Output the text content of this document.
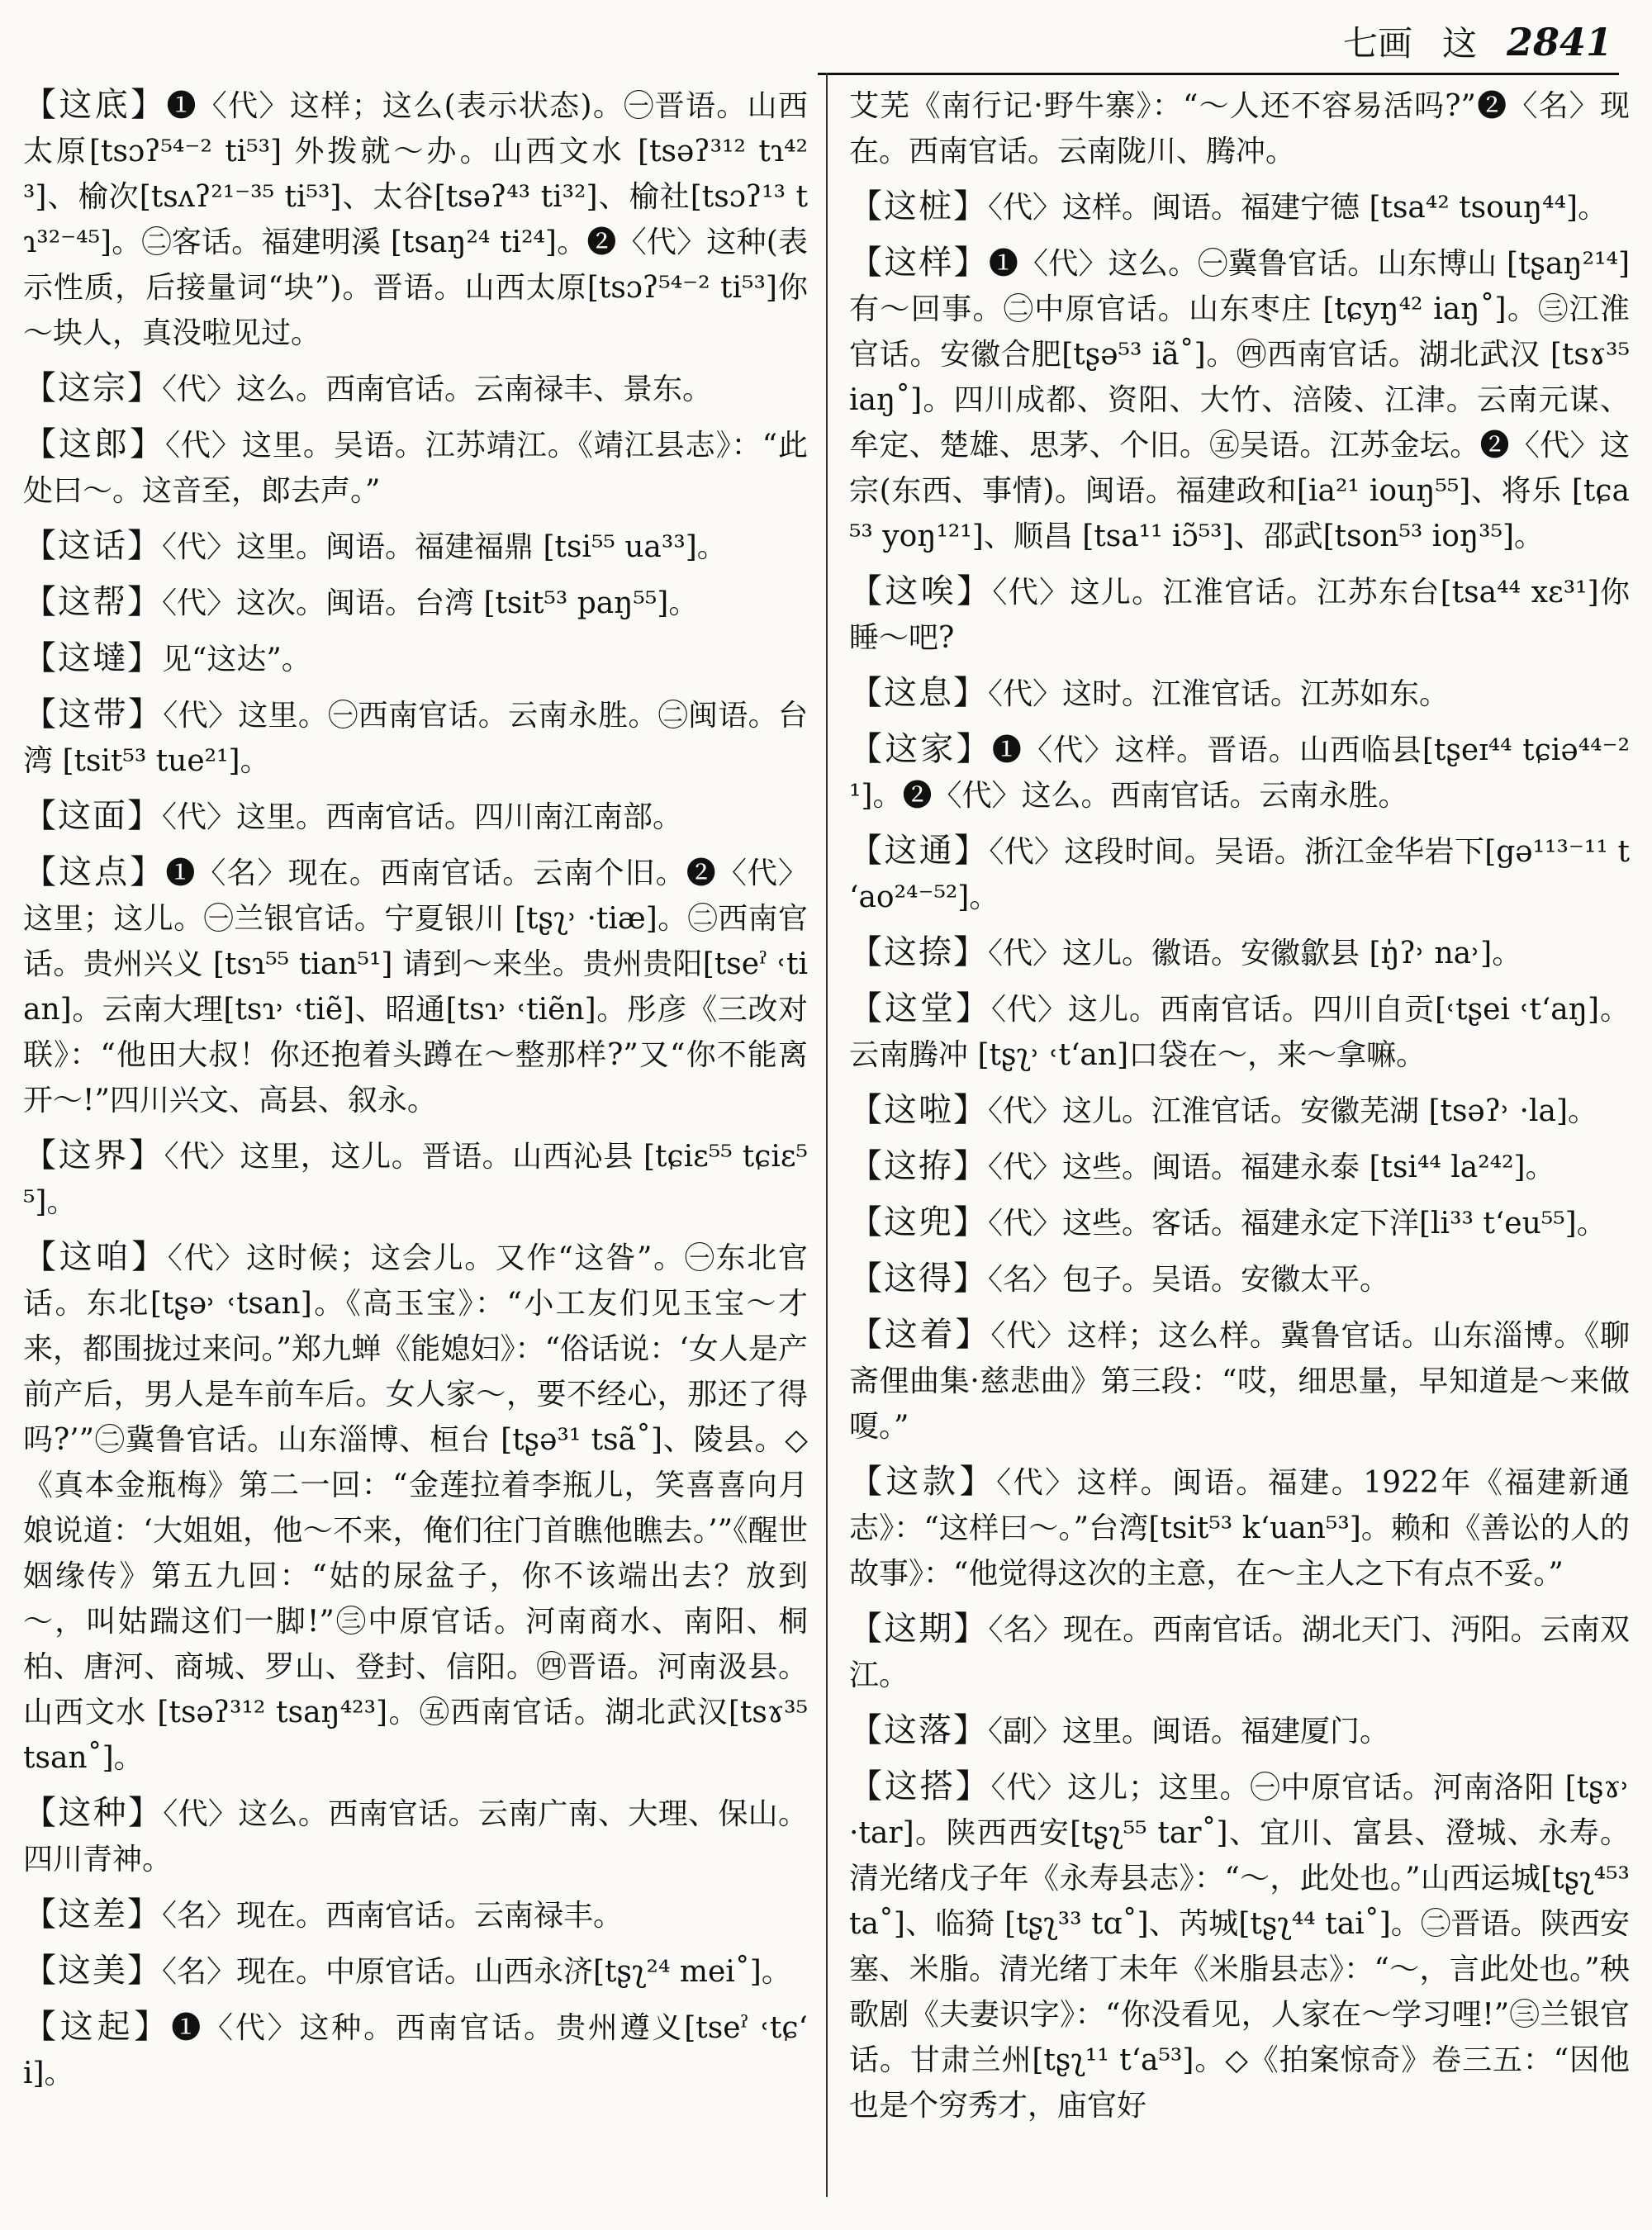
七画 这 2841

【这底】❶〈代〉这样；这么(表示状态)。㊀晋语。山西太原[tsɔʔ⁵⁴⁻² ti⁵³] 外拨就～办。山西文水 [tsəʔ³¹² tɿ⁴²³]、榆次[tsʌʔ²¹⁻³⁵ ti⁵³]、太谷[tsəʔ⁴³ ti³²]、榆社[tsɔʔ¹³ tɿ³²⁻⁴⁵]。㊁客话。福建明溪 [tsaŋ²⁴ ti²⁴]。❷〈代〉这种(表示性质，后接量词“块”)。晋语。山西太原[tsɔʔ⁵⁴⁻² ti⁵³]你～块人，真没啦见过。

【这宗】〈代〉这么。西南官话。云南禄丰、景东。

【这郎】〈代〉这里。吴语。江苏靖江。《靖江县志》：“此处曰～。这音至，郎去声。”

【这话】〈代〉这里。闽语。福建福鼎 [tsi⁵⁵ ua³³]。

【这帮】〈代〉这次。闽语。台湾 [tsit⁵³ paŋ⁵⁵]。

【这墶】见“这达”。

【这带】〈代〉这里。㊀西南官话。云南永胜。㊁闽语。台湾 [tsit⁵³ tue²¹]。

【这面】〈代〉这里。西南官话。四川南江南部。

【这点】❶〈名〉现在。西南官话。云南个旧。❷〈代〉这里；这儿。㊀兰银官话。宁夏银川 [tʂʅ˒ ·tiæ]。㊁西南官话。贵州兴义 [tsɿ⁵⁵ tian⁵¹] 请到～来坐。贵州贵阳[tseˀ ˓tian]。云南大理[tsɿ˒ ˓tiẽ]、昭通[tsɿ˒ ˓tiẽn]。彤彦《三改对联》：“他田大叔！你还抱着头蹲在～整那样?”又“你不能离开～!”四川兴文、高县、叙永。

【这界】〈代〉这里，这儿。晋语。山西沁县 [tɕiɛ⁵⁵ tɕiɛ⁵⁵]。

【这咱】〈代〉这时候；这会儿。又作“这昝”。㊀东北官话。东北[tʂə˒ ˓tsan]。《高玉宝》：“小工友们见玉宝～才来，都围拢过来问。”郑九蝉《能媳妇》：“俗话说：‘女人是产前产后，男人是车前车后。女人家～，要不经心，那还了得吗?’”㊁冀鲁官话。山东淄博、桓台 [tʂə³¹ tsã˚]、陵县。◇《真本金瓶梅》第二一回：“金莲拉着李瓶儿，笑喜喜向月娘说道：‘大姐姐，他～不来，俺们往门首瞧他瞧去。’”《醒世姻缘传》第五九回：“姑的尿盆子，你不该端出去？放到～，叫姑踹这们一脚!”㊂中原官话。河南商水、南阳、桐柏、唐河、商城、罗山、登封、信阳。㊃晋语。河南汲县。山西文水 [tsəʔ³¹² tsaŋ⁴²³]。㊄西南官话。湖北武汉[tsɤ³⁵ tsan˚]。

【这种】〈代〉这么。西南官话。云南广南、大理、保山。四川青神。

【这差】〈名〉现在。西南官话。云南禄丰。

【这美】〈名〉现在。中原官话。山西永济[tʂʅ²⁴ mei˚]。

【这起】❶〈代〉这种。西南官话。贵州遵义[tseˀ ˓tɕʻi]。

艾芜《南行记·野牛寨》：“～人还不容易活吗?”❷〈名〉现在。西南官话。云南陇川、腾冲。

【这桩】〈代〉这样。闽语。福建宁德 [tsa⁴² tsouŋ⁴⁴]。

【这样】❶〈代〉这么。㊀冀鲁官话。山东博山 [tʂaŋ²¹⁴] 有～回事。㊁中原官话。山东枣庄 [tɕyŋ⁴² iaŋ˚]。㊂江淮官话。安徽合肥[tʂə⁵³ iã˚]。㊃西南官话。湖北武汉 [tsɤ³⁵ iaŋ˚]。四川成都、资阳、大竹、涪陵、江津。云南元谋、牟定、楚雄、思茅、个旧。㊄吴语。江苏金坛。❷〈代〉这宗(东西、事情)。闽语。福建政和[ia²¹ iouŋ⁵⁵]、将乐 [tɕa⁵³ yoŋ¹²¹]、顺昌 [tsa¹¹ iɔ̃⁵³]、邵武[tson⁵³ ioŋ³⁵]。

【这唉】〈代〉这儿。江淮官话。江苏东台[tsa⁴⁴ xɛ³¹]你睡～吧?

【这息】〈代〉这时。江淮官话。江苏如东。

【这家】❶〈代〉这样。晋语。山西临县[tʂeɪ⁴⁴ tɕiə⁴⁴⁻²¹]。❷〈代〉这么。西南官话。云南永胜。

【这通】〈代〉这段时间。吴语。浙江金华岩下[gə¹¹³⁻¹¹ tʻao²⁴⁻⁵²]。

【这捺】〈代〉这儿。徽语。安徽歙县 [ŋ̍ʔ˒ na˒]。

【这堂】〈代〉这儿。西南官话。四川自贡[˓tʂei ˓tʻaŋ]。云南腾冲 [tʂʅ˒ ˓tʻan]口袋在～，来～拿嘛。

【这啦】〈代〉这儿。江淮官话。安徽芜湖 [tsəʔ˒ ·la]。

【这拵】〈代〉这些。闽语。福建永泰 [tsi⁴⁴ la²⁴²]。

【这兜】〈代〉这些。客话。福建永定下洋[li³³ tʻeu⁵⁵]。

【这得】〈名〉包子。吴语。安徽太平。

【这着】〈代〉这样；这么样。冀鲁官话。山东淄博。《聊斋俚曲集·慈悲曲》第三段：“哎，细思量，早知道是～来做嗄。”

【这款】〈代〉这样。闽语。福建。1922年《福建新通志》：“这样曰～。”台湾[tsit⁵³ kʻuan⁵³]。赖和《善讼的人的故事》：“他觉得这次的主意，在～主人之下有点不妥。”

【这期】〈名〉现在。西南官话。湖北天门、沔阳。云南双江。

【这落】〈副〉这里。闽语。福建厦门。

【这搭】〈代〉这儿；这里。㊀中原官话。河南洛阳 [tʂɤ˒ ·tar]。陕西西安[tʂʅ⁵⁵ tar˚]、宜川、富县、澄城、永寿。清光绪戊子年《永寿县志》：“～，此处也。”山西运城[tʂʅ⁴⁵³ ta˚]、临猗 [tʂʅ³³ tɑ˚]、芮城[tʂʅ⁴⁴ tai˚]。㊁晋语。陕西安塞、米脂。清光绪丁未年《米脂县志》：“～，言此处也。”秧歌剧《夫妻识字》：“你没看见，人家在～学习哩!”㊂兰银官话。甘肃兰州[tʂʅ¹¹ tʻa⁵³]。◇《拍案惊奇》卷三五：“因他也是个穷秀才，庙官好
